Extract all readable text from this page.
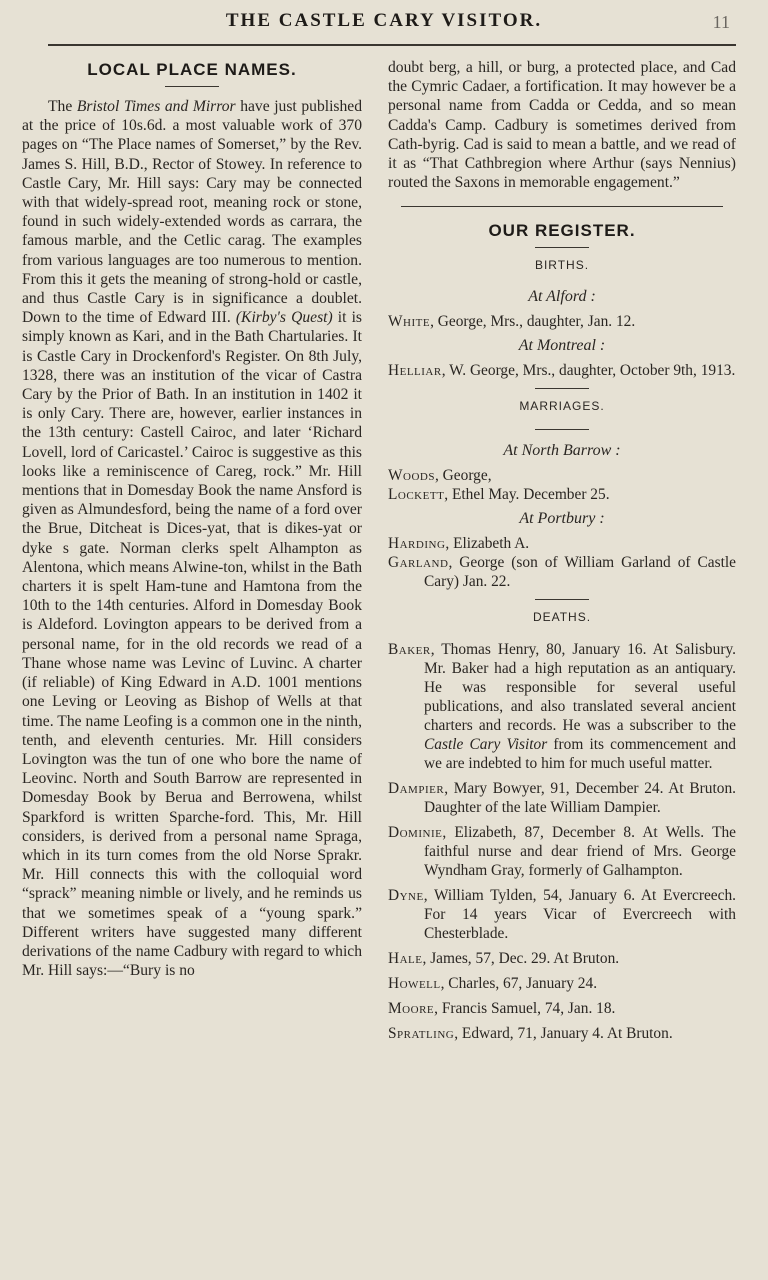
THE CASTLE CARY VISITOR.	11
LOCAL PLACE NAMES.

The Bristol Times and Mirror have just published at the price of 10s.6d. a most valuable work of 370 pages on “The Place names of Somerset,” by the Rev. James S. Hill, B.D., Rector of Stowey. In reference to Castle Cary, Mr. Hill says: Cary may be connected with that widely-spread root, meaning rock or stone, found in such widely-extended words as carrara, the famous marble, and the Cetlic carag. The examples from various languages are too numerous to mention. From this it gets the meaning of strong-hold or castle, and thus Castle Cary is in significance a doublet. Down to the time of Edward III. (Kirby's Quest) it is simply known as Kari, and in the Bath Chartularies. It is Castle Cary in Drockenford's Register. On 8th July, 1328, there was an institution of the vicar of Castra Cary by the Prior of Bath. In an institution in 1402 it is only Cary. There are, however, earlier instances in the 13th century: Castell Cairoc, and later ‘Richard Lovell, lord of Caricastel.’ Cairoc is suggestive as this looks like a reminiscence of Careg, rock.” Mr. Hill mentions that in Domesday Book the name Ansford is given as Almundesford, being the name of a ford over the Brue, Ditcheat is Dices-yat, that is dikes-yat or dyke s gate. Norman clerks spelt Alhampton as Alentona, which means Alwine-ton, whilst in the Bath charters it is spelt Ham-tune and Hamtona from the 10th to the 14th centuries. Alford in Domesday Book is Aldeford. Lovington appears to be derived from a personal name, for in the old records we read of a Thane whose name was Levinc of Luvinc. A charter (if reliable) of King Edward in A.D. 1001 mentions one Leving or Leoving as Bishop of Wells at that time. The name Leofing is a common one in the ninth, tenth, and eleventh centuries. Mr. Hill considers Lovington was the tun of one who bore the name of Leovinc. North and South Barrow are represented in Domesday Book by Berua and Berrowena, whilst Sparkford is written Sparche-ford. This, Mr. Hill considers, is derived from a personal name Spraga, which in its turn comes from the old Norse Sprakr. Mr. Hill connects this with the colloquial word “sprack” meaning nimble or lively, and he reminds us that we sometimes speak of a “young spark.” Different writers have suggested many different derivations of the name Cadbury with regard to which Mr. Hill says:—“Bury is no

doubt berg, a hill, or burg, a protected place, and Cad the Cymric Cadaer, a fortification. It may however be a personal name from Cadda or Cedda, and so mean Cadda's Camp. Cadbury is sometimes derived from Cath-byrig. Cad is said to mean a battle, and we read of it as “That Cathbregion where Arthur (says Nennius) routed the Saxons in memorable engagement.”

OUR REGISTER.
BIRTHS.
At Alford :

White, George, Mrs., daughter, Jan. 12.

At Montreal :

Helliar, W. George, Mrs., daughter, October 9th, 1913.

MARRIAGES.
At North Barrow :

Woods, George,

Lockett, Ethel May. December 25.

At Portbury :

Harding, Elizabeth A.

Garland, George (son of William Garland of Castle Cary) Jan. 22.

DEATHS.

Baker, Thomas Henry, 80, January 16. At Salisbury. Mr. Baker had a high reputation as an antiquary. He was responsible for several useful publications, and also translated several ancient charters and records. He was a subscriber to the Castle Cary Visitor from its commencement and we are indebted to him for much useful matter.

Dampier, Mary Bowyer, 91, December 24. At Bruton. Daughter of the late William Dampier.

Dominie, Elizabeth, 87, December 8. At Wells. The faithful nurse and dear friend of Mrs. George Wyndham Gray, formerly of Galhampton.

Dyne, William Tylden, 54, January 6. At Evercreech. For 14 years Vicar of Evercreech with Chesterblade.

Hale, James, 57, Dec. 29. At Bruton.

Howell, Charles, 67, January 24.

Moore, Francis Samuel, 74, Jan. 18.

Spratling, Edward, 71, January 4. At Bruton.
